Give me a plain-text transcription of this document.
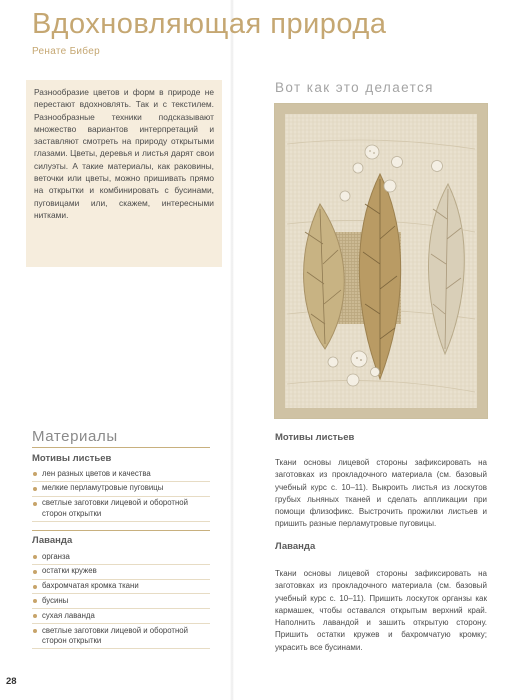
Вдохновляющая природа
Ренате Бибер

Разнообразие цветов и форм в природе не перестают вдохновлять. Так и с текстилем. Разнообразные техники подсказывают множество вариантов интерпретаций и заставляют смотреть на природу открытыми глазами. Цветы, деревья и листья дарят свои силуэты. А такие материалы, как раковины, веточки или цветы, можно пришивать прямо на открытки и комбинировать с бусинами, пуговицами или, скажем, интересными нитками.

Вот как это делается
Мотивы листьев

Ткани основы лицевой стороны зафиксировать на заготовках из прокладочного материала (см. базовый учебный курс с. 10–11). Выкроить листья из лоскутов грубых льняных тканей и сделать аппликации при помощи флизофикс. Выстрочить прожилки листьев и пришить разные перламутровые пуговицы.

Лаванда

Ткани основы лицевой стороны зафиксировать на заготовках из прокладочного материала (см. базовый учебный курс с. 10–11). Пришить лоскуток органзы как кармашек, чтобы оставался открытым верхний край. Наполнить лавандой и зашить открытую сторону. Пришить остатки кружев и бахромчатую кромку; украсить все бусинами.

Материалы
Мотивы листьев
лен разных цветов и качества
мелкие перламутровые пуговицы
светлые заготовки лицевой и оборотной сторон открытки
Лаванда
органза
остатки кружев
бахромчатая кромка ткани
бусины
сухая лаванда
светлые заготовки лицевой и оборотной сторон открытки
28
